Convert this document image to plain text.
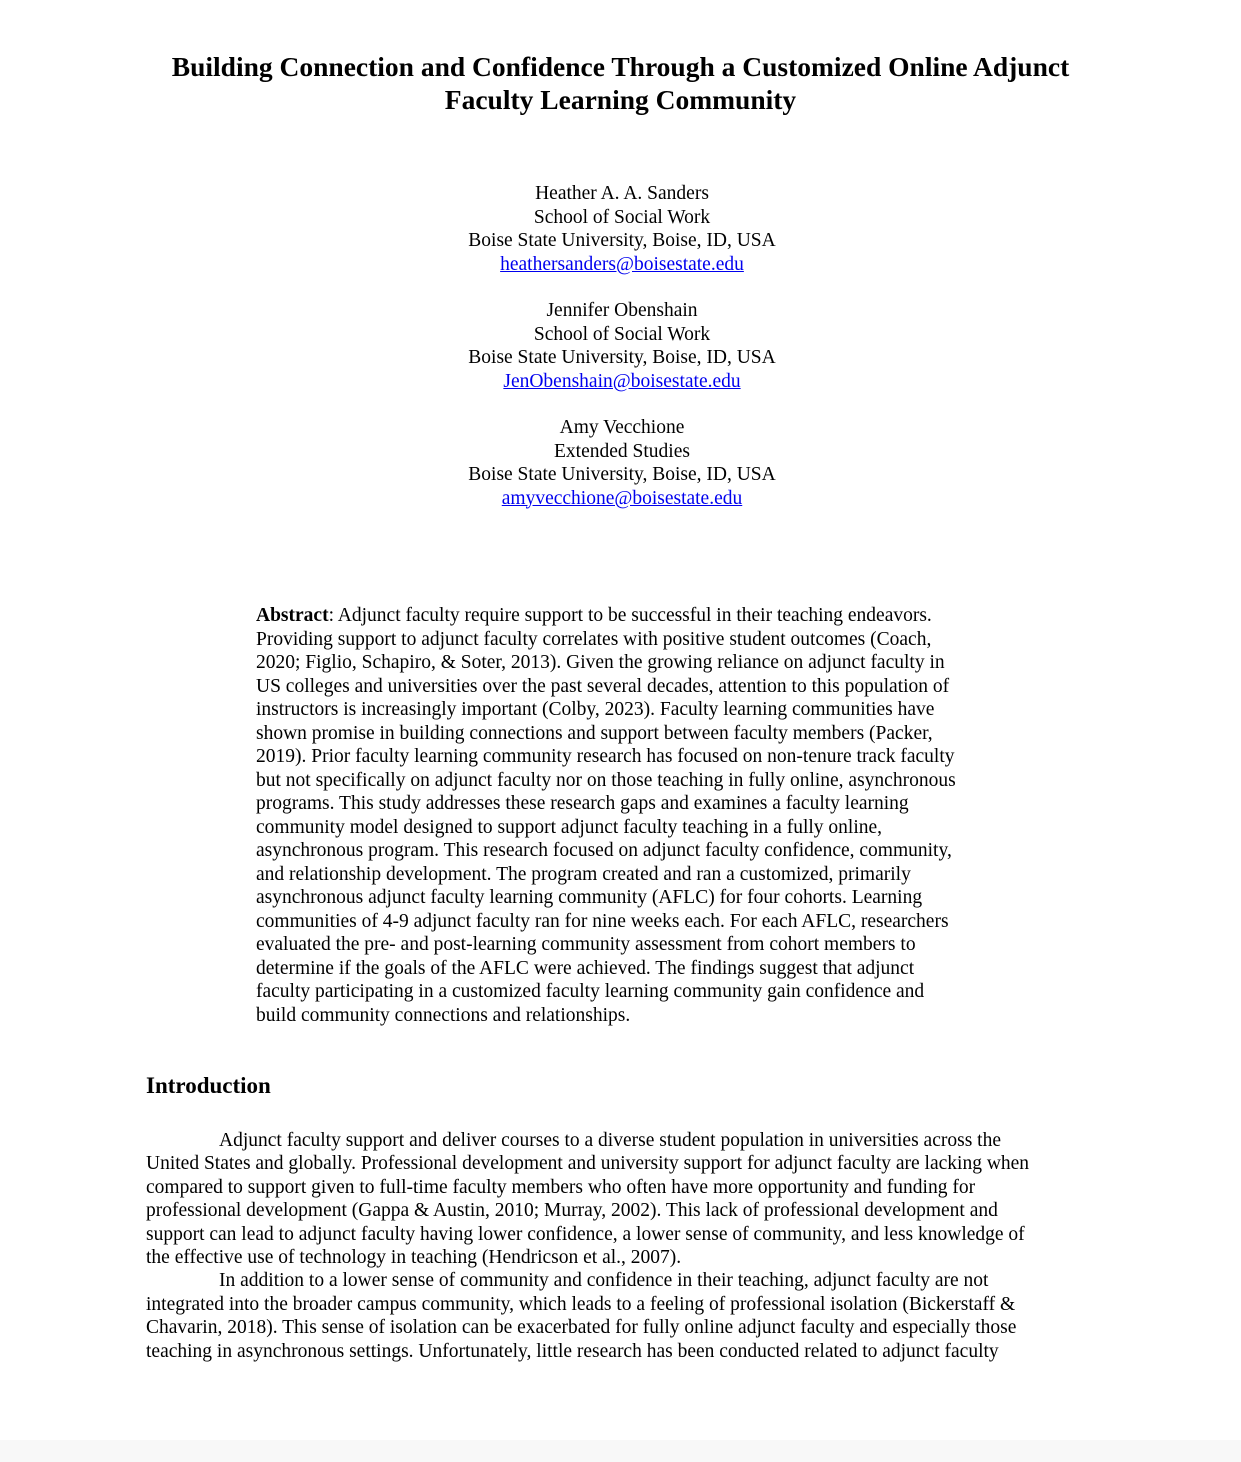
Building Connection and Confidence Through a Customized Online Adjunct
Faculty Learning Community
Heather A. A. Sanders
School of Social Work
Boise State University, Boise, ID, USA
heathersanders@boisestate.edu
Jennifer Obenshain
School of Social Work
Boise State University, Boise, ID, USA
JenObenshain@boisestate.edu
Amy Vecchione
Extended Studies
Boise State University, Boise, ID, USA
amyvecchione@boisestate.edu
Abstract: Adjunct faculty require support to be successful in their teaching endeavors.
Providing support to adjunct faculty correlates with positive student outcomes (Coach,
2020; Figlio, Schapiro, & Soter, 2013). Given the growing reliance on adjunct faculty in
US colleges and universities over the past several decades, attention to this population of
instructors is increasingly important (Colby, 2023). Faculty learning communities have
shown promise in building connections and support between faculty members (Packer,
2019). Prior faculty learning community research has focused on non-tenure track faculty
but not specifically on adjunct faculty nor on those teaching in fully online, asynchronous
programs. This study addresses these research gaps and examines a faculty learning
community model designed to support adjunct faculty teaching in a fully online,
asynchronous program. This research focused on adjunct faculty confidence, community,
and relationship development. The program created and ran a customized, primarily
asynchronous adjunct faculty learning community (AFLC) for four cohorts. Learning
communities of 4-9 adjunct faculty ran for nine weeks each. For each AFLC, researchers
evaluated the pre- and post-learning community assessment from cohort members to
determine if the goals of the AFLC were achieved. The findings suggest that adjunct
faculty participating in a customized faculty learning community gain confidence and
build community connections and relationships.
Introduction
Adjunct faculty support and deliver courses to a diverse student population in universities across the
United States and globally. Professional development and university support for adjunct faculty are lacking when
compared to support given to full-time faculty members who often have more opportunity and funding for
professional development (Gappa & Austin, 2010; Murray, 2002). This lack of professional development and
support can lead to adjunct faculty having lower confidence, a lower sense of community, and less knowledge of
the effective use of technology in teaching (Hendricson et al., 2007).
In addition to a lower sense of community and confidence in their teaching, adjunct faculty are not
integrated into the broader campus community, which leads to a feeling of professional isolation (Bickerstaff &
Chavarin, 2018). This sense of isolation can be exacerbated for fully online adjunct faculty and especially those
teaching in asynchronous settings. Unfortunately, little research has been conducted related to adjunct faculty
